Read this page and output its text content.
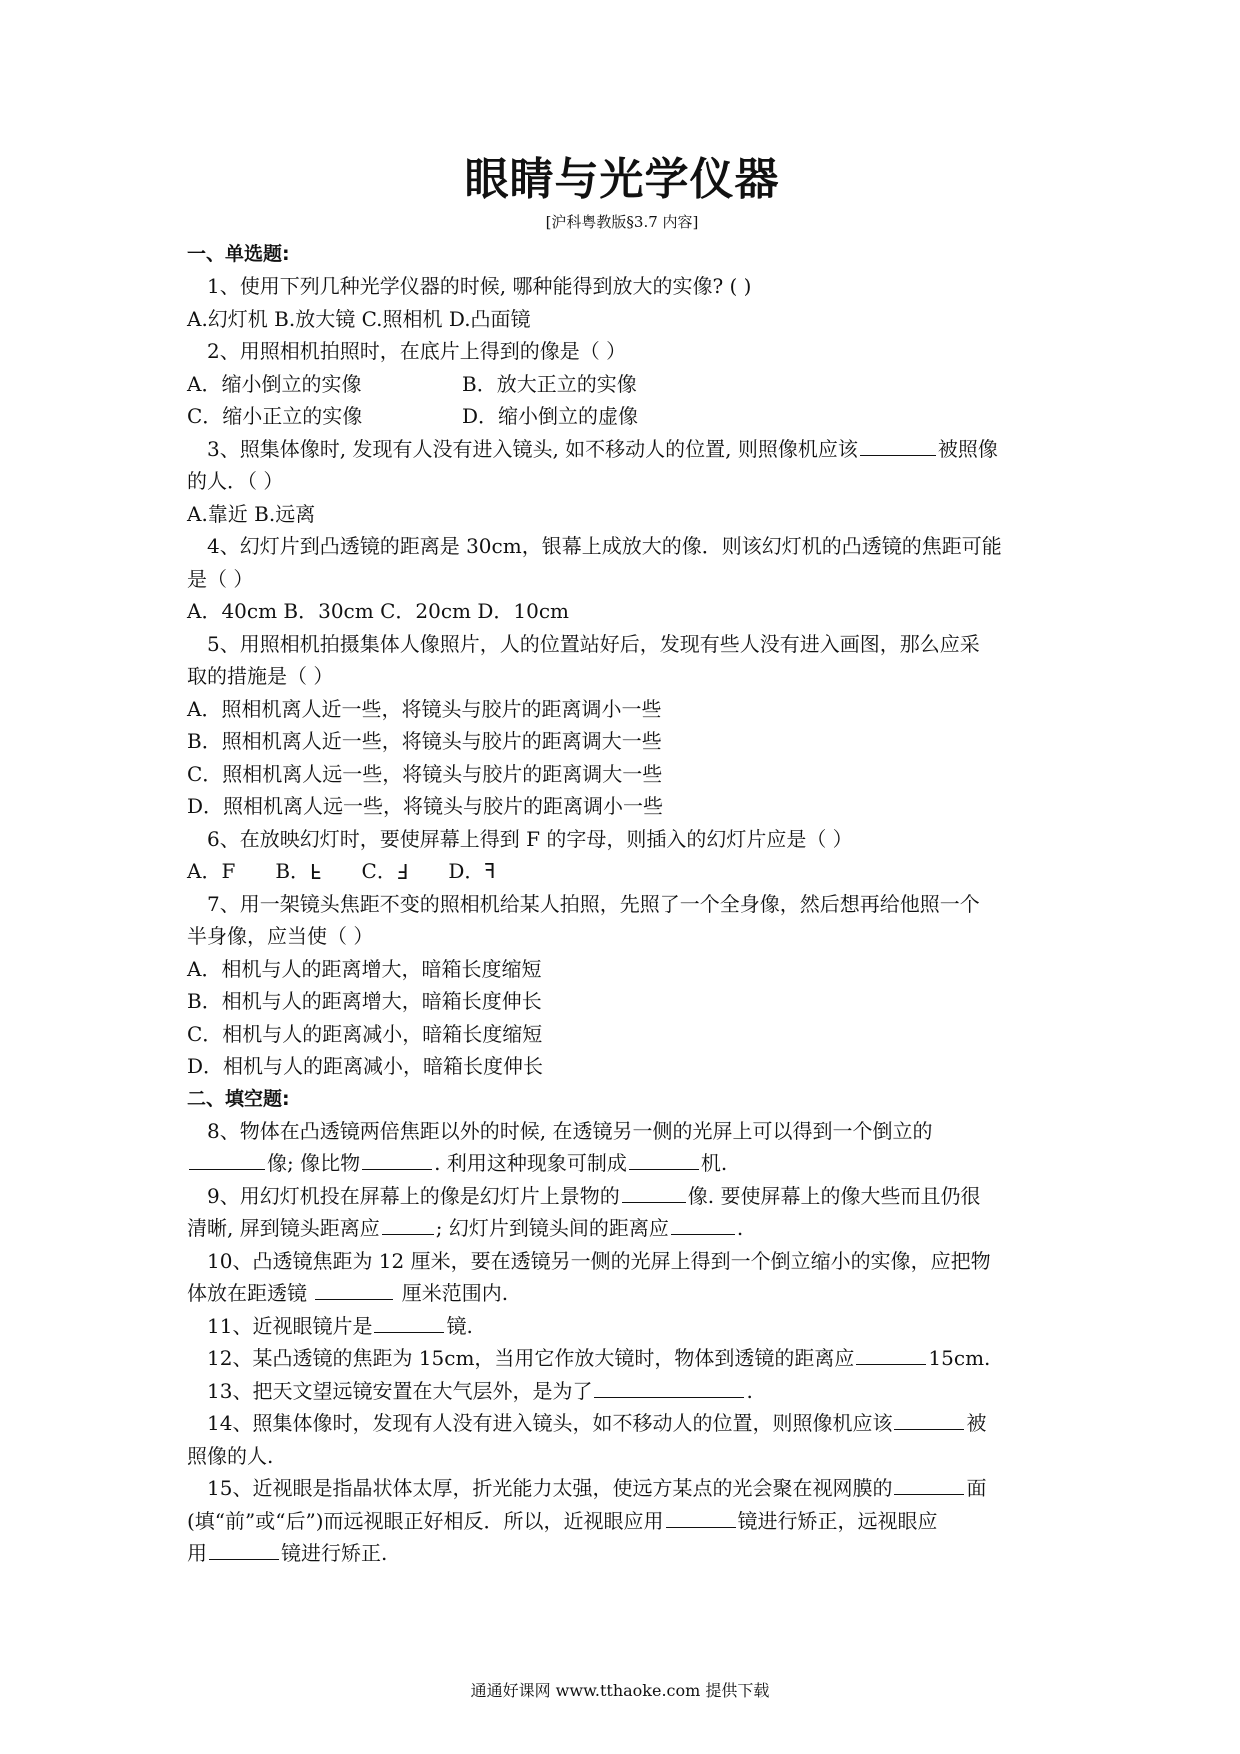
眼睛与光学仪器
[沪科粤教版§3.7 内容]
一、单选题:
1、使用下列几种光学仪器的时候, 哪种能得到放大的实像? ( )
A.幻灯机 B.放大镜 C.照相机 D.凸面镜
2、用照相机拍照时，在底片上得到的像是（ ）
A．缩小倒立的实像	B．放大正立的实像
C．缩小正立的实像	D．缩小倒立的虚像
3、照集体像时, 发现有人没有进入镜头, 如不移动人的位置, 则照像机应该	被照像
的人．（ ）
A.靠近 B.远离
4、幻灯片到凸透镜的距离是 30cm，银幕上成放大的像．则该幻灯机的凸透镜的焦距可能
是（ ）
A．40cm B．30cm C．20cm D．10cm
5、用照相机拍摄集体人像照片，人的位置站好后，发现有些人没有进入画图，那么应采
取的措施是（ ）
A．照相机离人近一些，将镜头与胶片的距离调小一些
B．照相机离人近一些，将镜头与胶片的距离调大一些
C．照相机离人远一些，将镜头与胶片的距离调大一些
D．照相机离人远一些，将镜头与胶片的距离调小一些
6、在放映幻灯时，要使屏幕上得到 F 的字母，则插入的幻灯片应是（ ）
A．F B．F C．F D．F
7、用一架镜头焦距不变的照相机给某人拍照，先照了一个全身像，然后想再给他照一个
半身像，应当使（ ）
A．相机与人的距离增大，暗箱长度缩短
B．相机与人的距离增大，暗箱长度伸长
C．相机与人的距离减小，暗箱长度缩短
D．相机与人的距离减小，暗箱长度伸长
二、填空题:
8、物体在凸透镜两倍焦距以外的时候, 在透镜另一侧的光屏上可以得到一个倒立的
像; 像比物	. 利用这种现象可制成	机.
9、用幻灯机投在屏幕上的像是幻灯片上景物的	像. 要使屏幕上的像大些而且仍很
清晰, 屏到镜头距离应	; 幻灯片到镜头间的距离应	.
10、凸透镜焦距为 12 厘米，要在透镜另一侧的光屏上得到一个倒立缩小的实像，应把物
体放在距透镜	厘米范围内.
11、近视眼镜片是	镜.
12、某凸透镜的焦距为 15cm，当用它作放大镜时，物体到透镜的距离应	15cm.
13、把天文望远镜安置在大气层外，是为了	.
14、照集体像时，发现有人没有进入镜头，如不移动人的位置，则照像机应该	被
照像的人.
15、近视眼是指晶状体太厚，折光能力太强，使远方某点的光会聚在视网膜的	面
(填“前”或“后”)而远视眼正好相反．所以，近视眼应用	镜进行矫正，远视眼应
用	镜进行矫正.
通通好课网 www.tthaoke.com 提供下载
